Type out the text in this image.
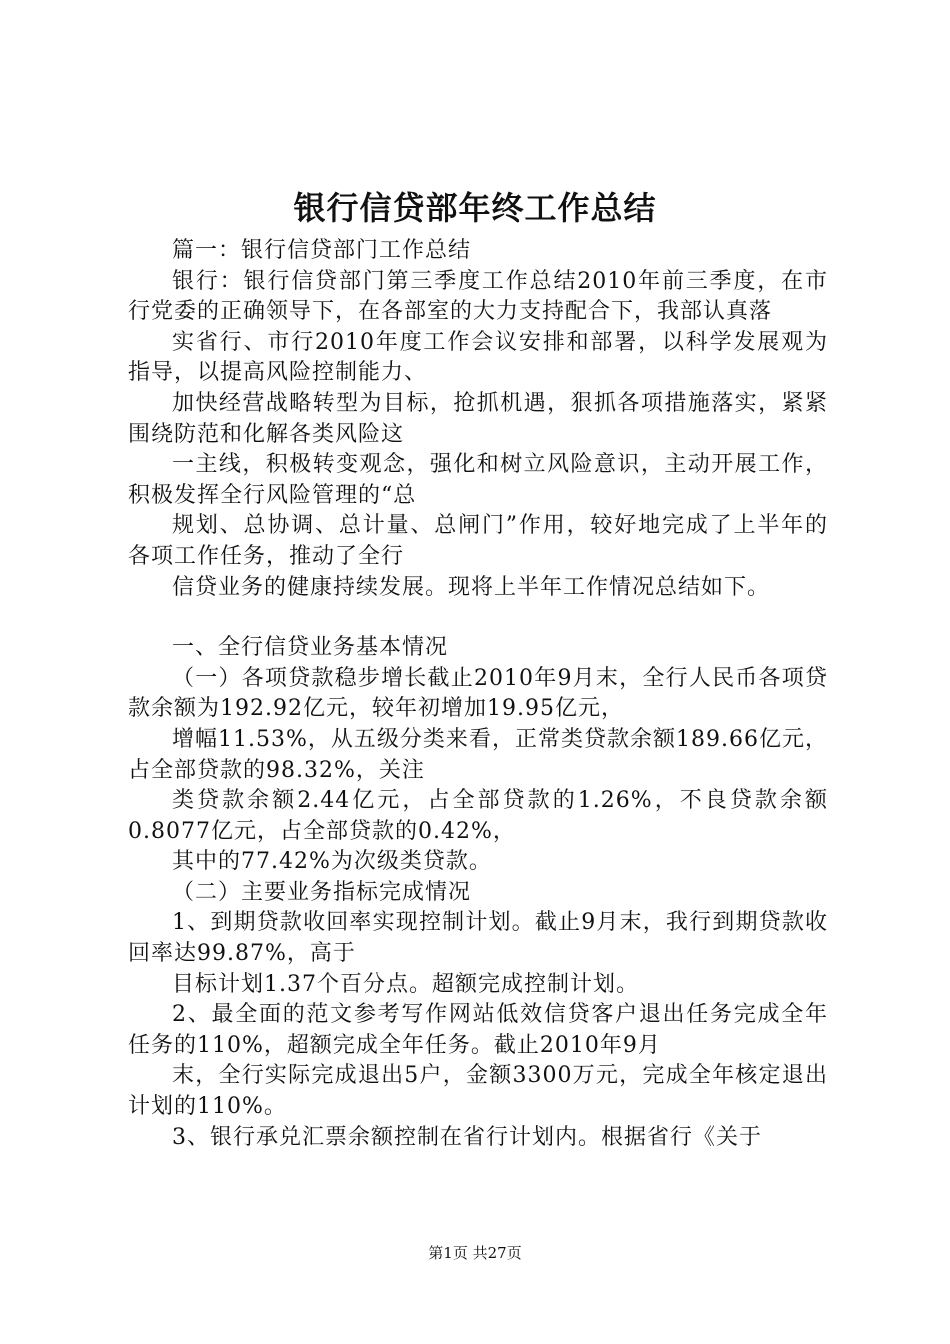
银行信贷部年终工作总结

篇一：银行信贷部门工作总结

银行：银行信贷部门第三季度工作总结2010年前三季度，在市行党委的正确领导下，在各部室的大力支持配合下，我部认真落

实省行、市行2010年度工作会议安排和部署，以科学发展观为指导，以提高风险控制能力、

加快经营战略转型为目标，抢抓机遇，狠抓各项措施落实，紧紧围绕防范和化解各类风险这

一主线，积极转变观念，强化和树立风险意识，主动开展工作，积极发挥全行风险管理的“总

规划、总协调、总计量、总闸门”作用，较好地完成了上半年的各项工作任务，推动了全行

信贷业务的健康持续发展。现将上半年工作情况总结如下。

一、全行信贷业务基本情况

（一）各项贷款稳步增长截止2010年9月末，全行人民币各项贷款余额为192.92亿元，较年初增加19.95亿元，

增幅11.53%，从五级分类来看，正常类贷款余额189.66亿元，占全部贷款的98.32%，关注

类贷款余额2.44亿元，占全部贷款的1.26%，不良贷款余额0.8077亿元，占全部贷款的0.42%，

其中的77.42%为次级类贷款。

（二）主要业务指标完成情况

1、到期贷款收回率实现控制计划。截止9月末，我行到期贷款收回率达99.87%，高于

目标计划1.37个百分点。超额完成控制计划。

2、最全面的范文参考写作网站低效信贷客户退出任务完成全年任务的110%，超额完成全年任务。截止2010年9月

末，全行实际完成退出5户，金额3300万元，完成全年核定退出计划的110%。

3、银行承兑汇票余额控制在省行计划内。根据省行《关于

第1页 共27页
